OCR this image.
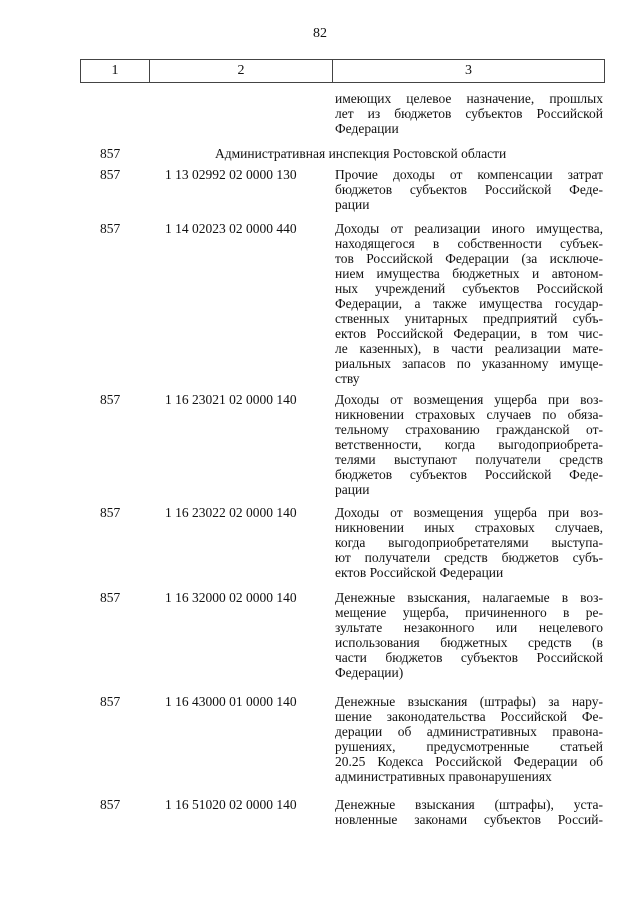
82
1	2	3
имеющих целевое назначение, прошлых
лет из бюджетов субъектов Российской
Федерации
857	Административная инспекция Ростовской области
857	1 13 02992 02 0000 130	Прочие доходы от компенсации затрат
бюджетов субъектов Российской Феде-
рации
857	1 14 02023 02 0000 440	Доходы от реализации иного имущества,
находящегося в собственности субъек-
тов Российской Федерации (за исключе-
нием имущества бюджетных и автоном-
ных учреждений субъектов Российской
Федерации, а также имущества государ-
ственных унитарных предприятий субъ-
ектов Российской Федерации, в том чис-
ле казенных), в части реализации мате-
риальных запасов по указанному имуще-
ству
857	1 16 23021 02 0000 140	Доходы от возмещения ущерба при воз-
никновении страховых случаев по обяза-
тельному страхованию гражданской от-
ветственности, когда выгодоприобрета-
телями выступают получатели средств
бюджетов субъектов Российской Феде-
рации
857	1 16 23022 02 0000 140	Доходы от возмещения ущерба при воз-
никновении иных страховых случаев,
когда выгодоприобретателями выступа-
ют получатели средств бюджетов субъ-
ектов Российской Федерации
857	1 16 32000 02 0000 140	Денежные взыскания, налагаемые в воз-
мещение ущерба, причиненного в ре-
зультате незаконного или нецелевого
использования бюджетных средств (в
части бюджетов субъектов Российской
Федерации)
857	1 16 43000 01 0000 140	Денежные взыскания (штрафы) за нару-
шение законодательства Российской Фе-
дерации об административных правона-
рушениях, предусмотренные статьей
20.25 Кодекса Российской Федерации об
административных правонарушениях
857	1 16 51020 02 0000 140	Денежные взыскания (штрафы), уста-
новленные законами субъектов Россий-
